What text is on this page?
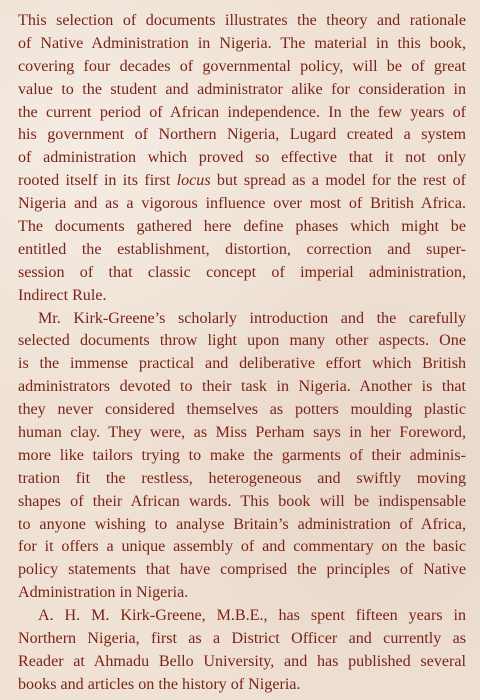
This selection of documents illustrates the theory and rationale
of Native Administration in Nigeria. The material in this book,
covering four decades of governmental policy, will be of great
value to the student and administrator alike for consideration in
the current period of African independence. In the few years of
his government of Northern Nigeria, Lugard created a system
of administration which proved so effective that it not only
rooted itself in its first locus but spread as a model for the rest of
Nigeria and as a vigorous influence over most of British Africa.
The documents gathered here define phases which might be
entitled the establishment, distortion, correction and super-
session of that classic concept of imperial administration,
Indirect Rule.
Mr. Kirk-Greene’s scholarly introduction and the carefully
selected documents throw light upon many other aspects. One
is the immense practical and deliberative effort which British
administrators devoted to their task in Nigeria. Another is that
they never considered themselves as potters moulding plastic
human clay. They were, as Miss Perham says in her Foreword,
more like tailors trying to make the garments of their adminis-
tration fit the restless, heterogeneous and swiftly moving
shapes of their African wards. This book will be indispensable
to anyone wishing to analyse Britain’s administration of Africa,
for it offers a unique assembly of and commentary on the basic
policy statements that have comprised the principles of Native
Administration in Nigeria.
A. H. M. Kirk-Greene, M.B.E., has spent fifteen years in
Northern Nigeria, first as a District Officer and currently as
Reader at Ahmadu Bello University, and has published several
books and articles on the history of Nigeria.
